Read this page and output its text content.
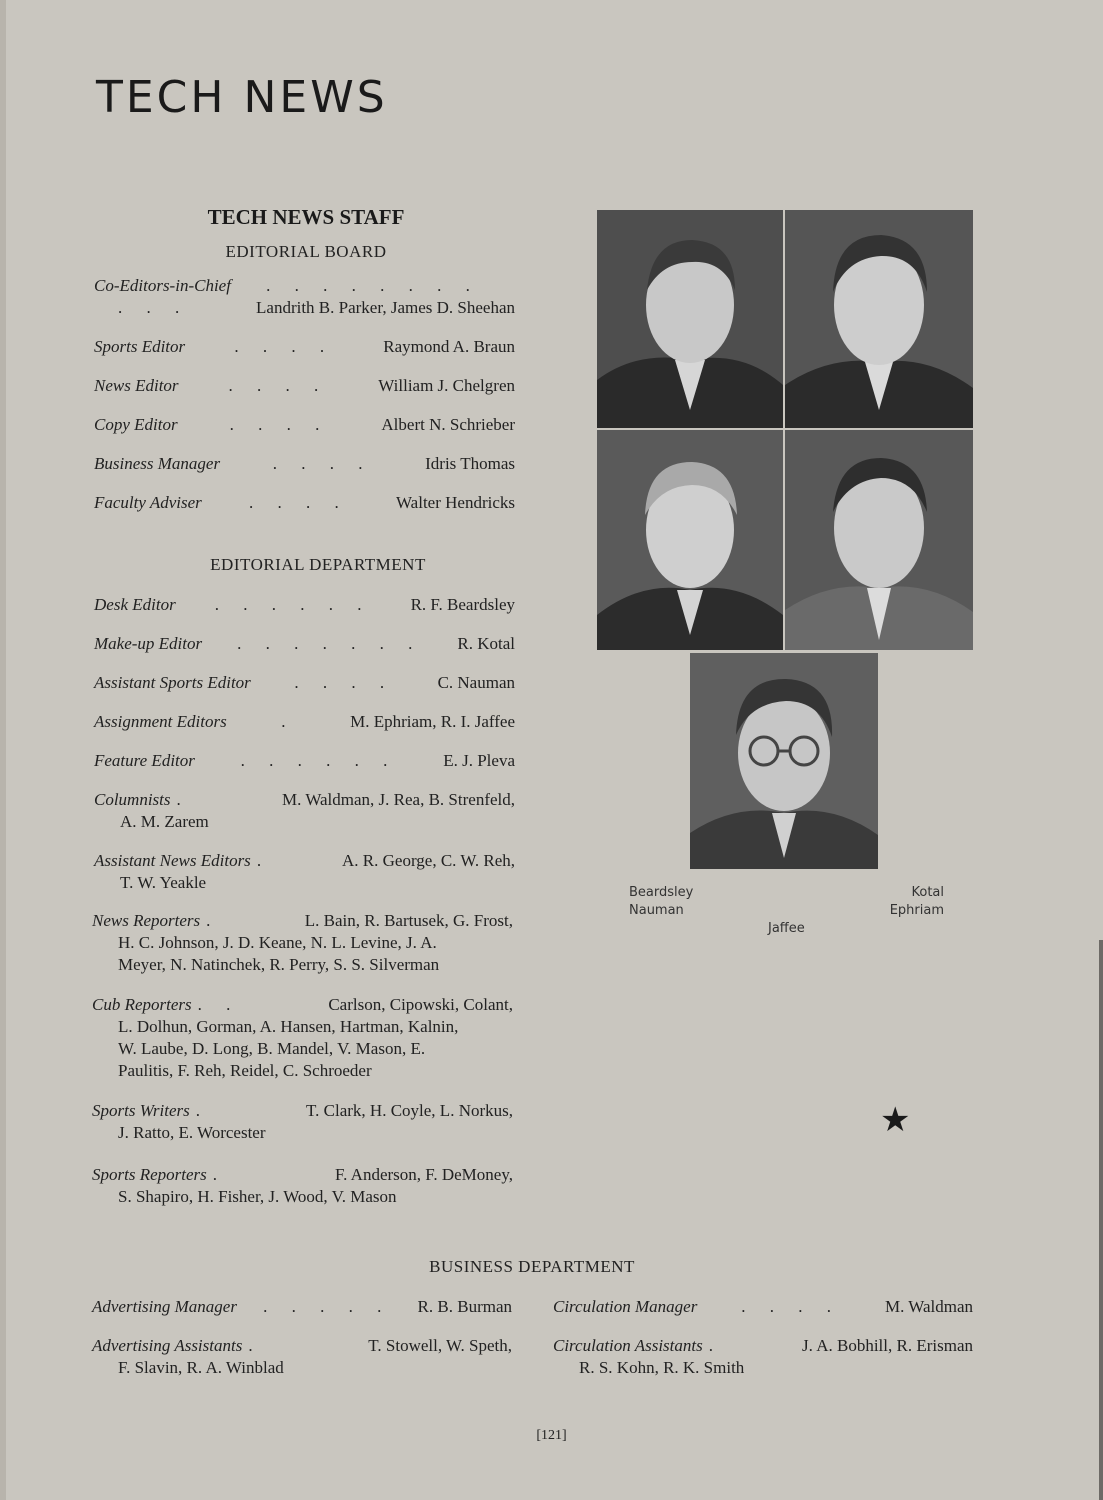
TECH NEWS
TECH NEWS STAFF
EDITORIAL BOARD
Co-Editors-in-Chief	. . . . . . . .
. . .	Landrith B. Parker, James D. Sheehan
Sports Editor	. . . .	Raymond A. Braun
News Editor	. . . .	William J. Chelgren
Copy Editor	. . . .	Albert N. Schrieber
Business Manager	. . . .	Idris Thomas
Faculty Adviser	. . . .	Walter Hendricks
EDITORIAL DEPARTMENT
Desk Editor	. . . . . .	R. F. Beardsley
Make-up Editor	. . . . . . .	R. Kotal
Assistant Sports Editor	. . . .	C. Nauman
Assignment Editors	.	M. Ephriam, R. I. Jaffee
Feature Editor	. . . . . .	E. J. Pleva
Columnists .	M. Waldman, J. Rea, B. Strenfeld,
A. M. Zarem
Assistant News Editors .	A. R. George, C. W. Reh,
T. W. Yeakle
News Reporters .	L. Bain, R. Bartusek, G. Frost,
H. C. Johnson, J. D. Keane, N. L. Levine, J. A.
Meyer, N. Natinchek, R. Perry, S. S. Silverman
Cub Reporters . .	Carlson, Cipowski, Colant,
L. Dolhun, Gorman, A. Hansen, Hartman, Kalnin,
W. Laube, D. Long, B. Mandel, V. Mason, E.
Paulitis, F. Reh, Reidel, C. Schroeder
Sports Writers .	T. Clark, H. Coyle, L. Norkus,
J. Ratto, E. Worcester
Sports Reporters .	F. Anderson, F. DeMoney,
S. Shapiro, H. Fisher, J. Wood, V. Mason
Beardsley
Nauman
Kotal
Ephriam
Jaffee
★
BUSINESS DEPARTMENT
Advertising Manager	. . . . .	R. B. Burman
Advertising Assistants .	T. Stowell, W. Speth,
F. Slavin, R. A. Winblad
Circulation Manager	. . . .	M. Waldman
Circulation Assistants .	J. A. Bobhill, R. Erisman
R. S. Kohn, R. K. Smith
[121]
